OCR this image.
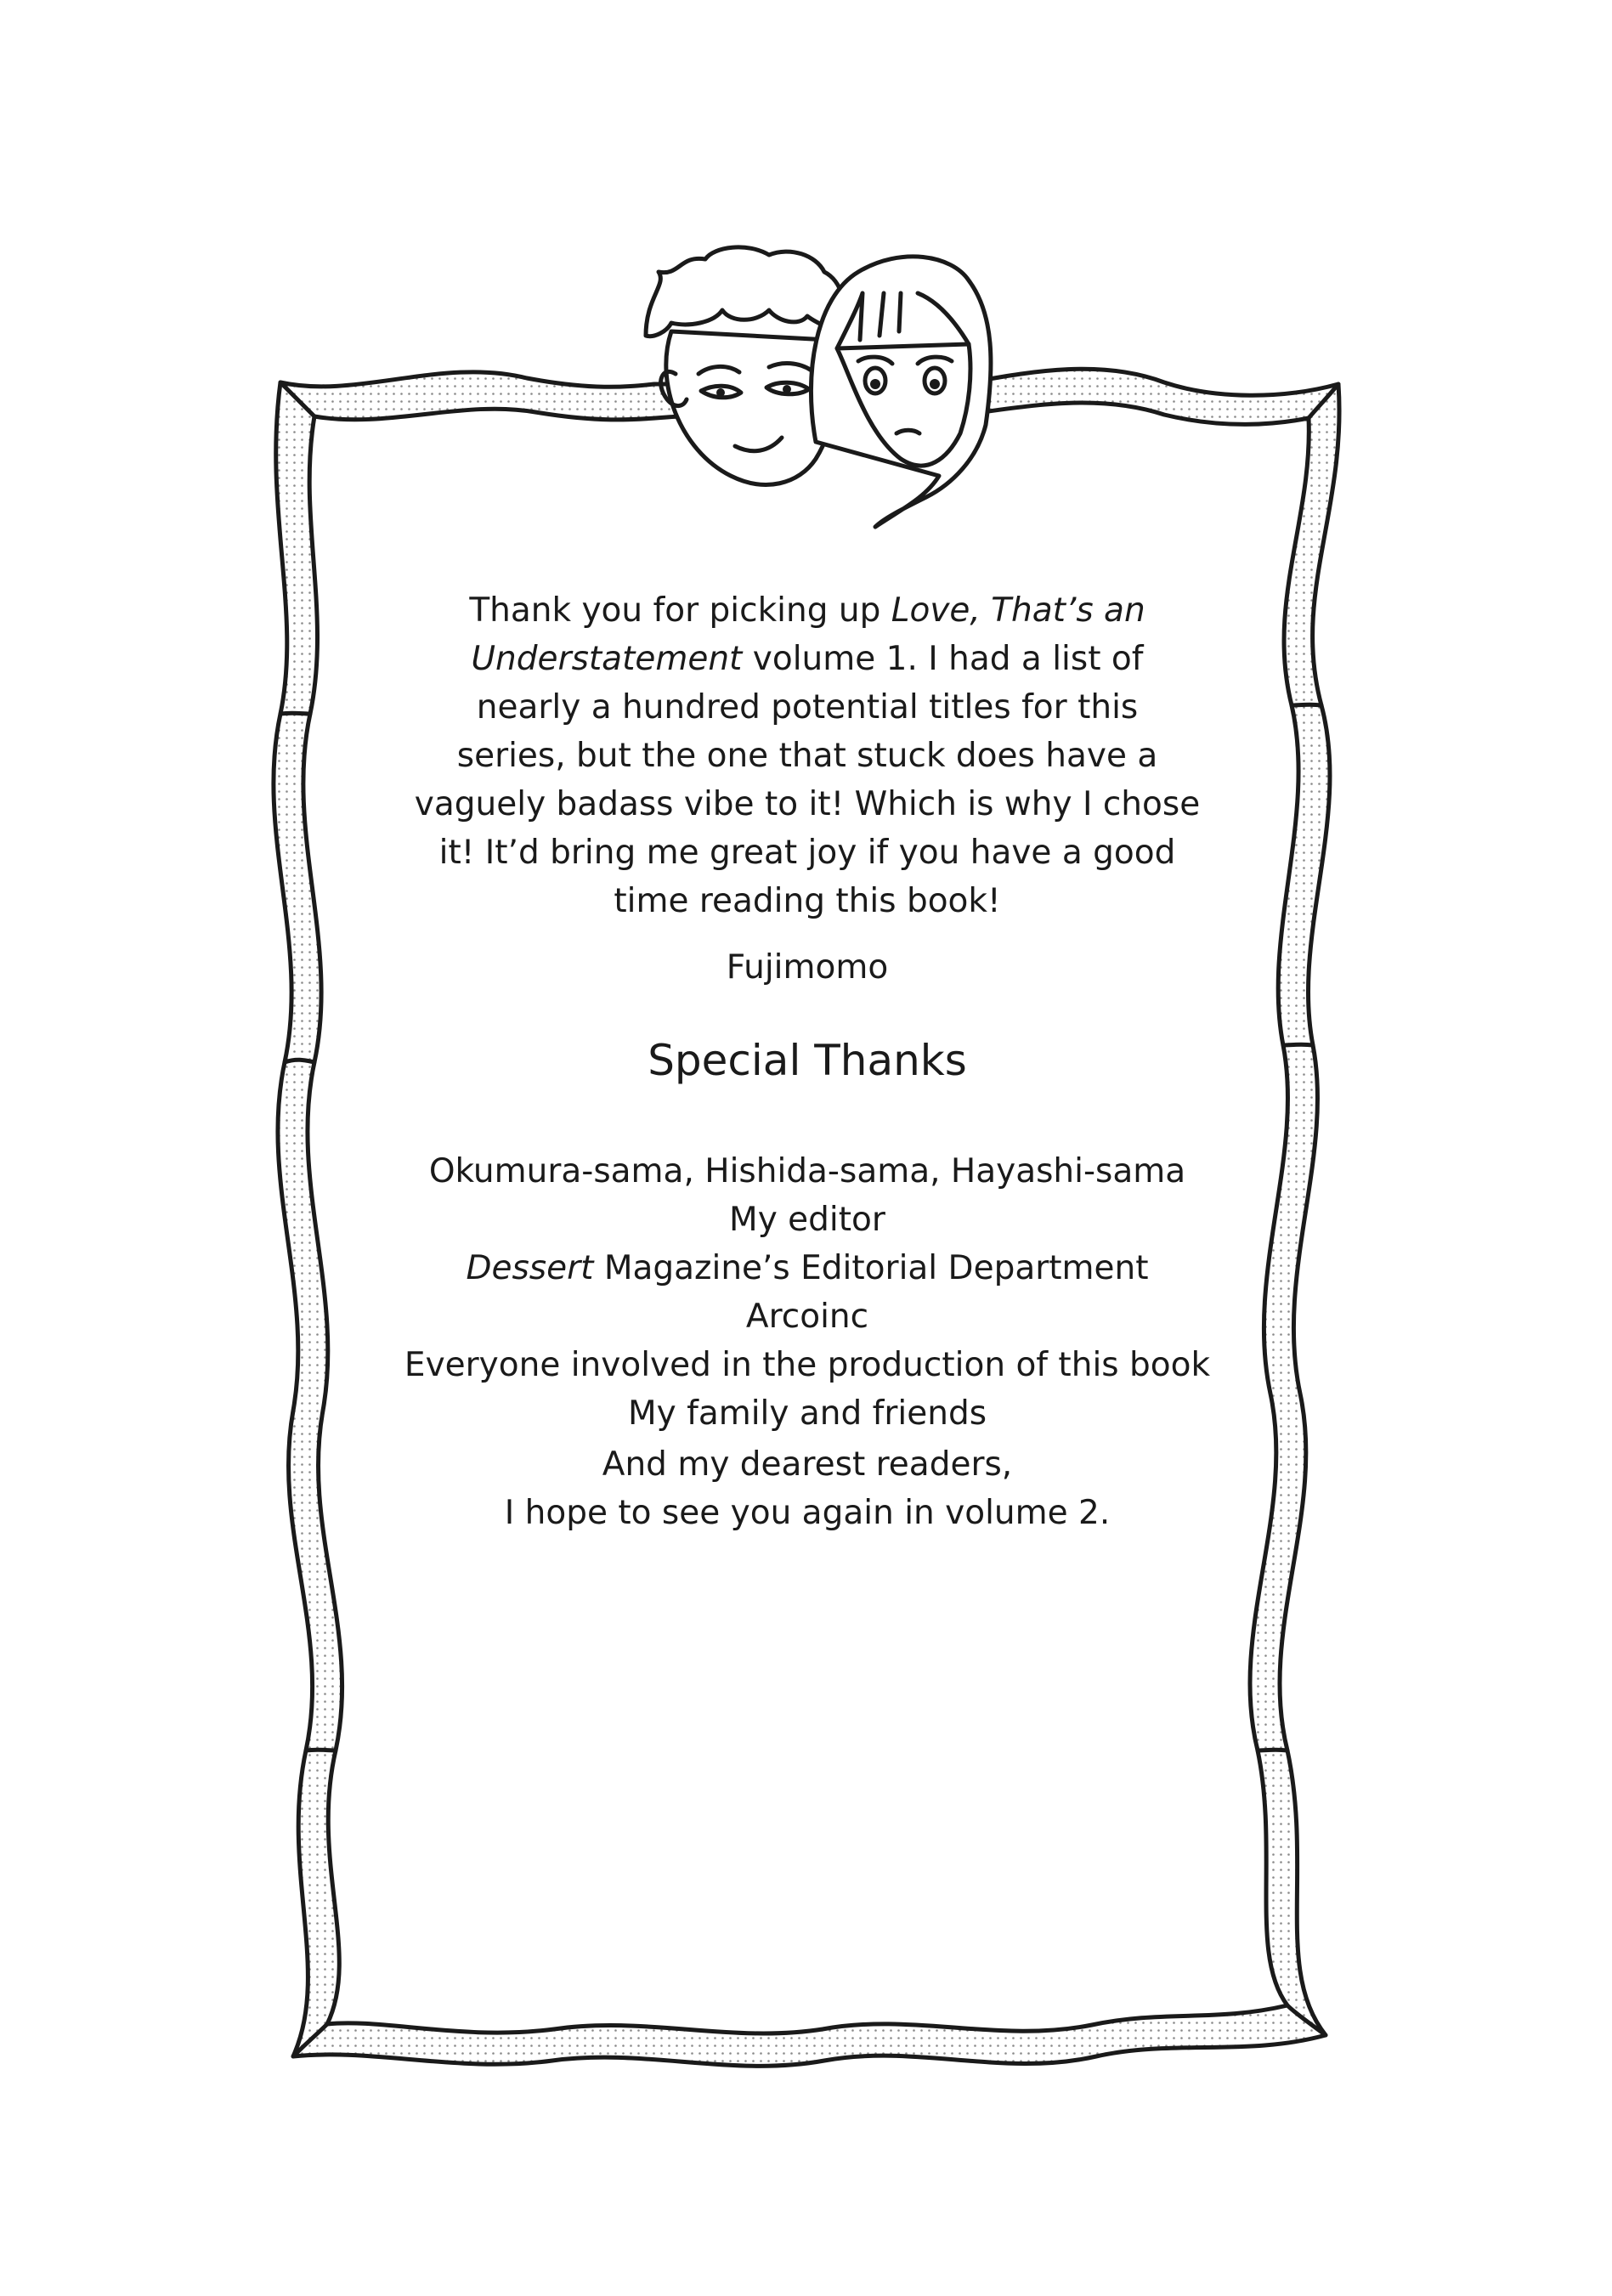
Thank you for picking up Love, That’s an
Understatement volume 1. I had a list of
nearly a hundred potential titles for this
series, but the one that stuck does have a
vaguely badass vibe to it! Which is why I chose
it! It’d bring me great joy if you have a good
time reading this book!
Fujimomo
Special Thanks
Okumura-sama, Hishida-sama, Hayashi-sama
My editor
Dessert Magazine’s Editorial Department
Arcoinc
Everyone involved in the production of this book
My family and friends
And my dearest readers,
I hope to see you again in volume 2.
